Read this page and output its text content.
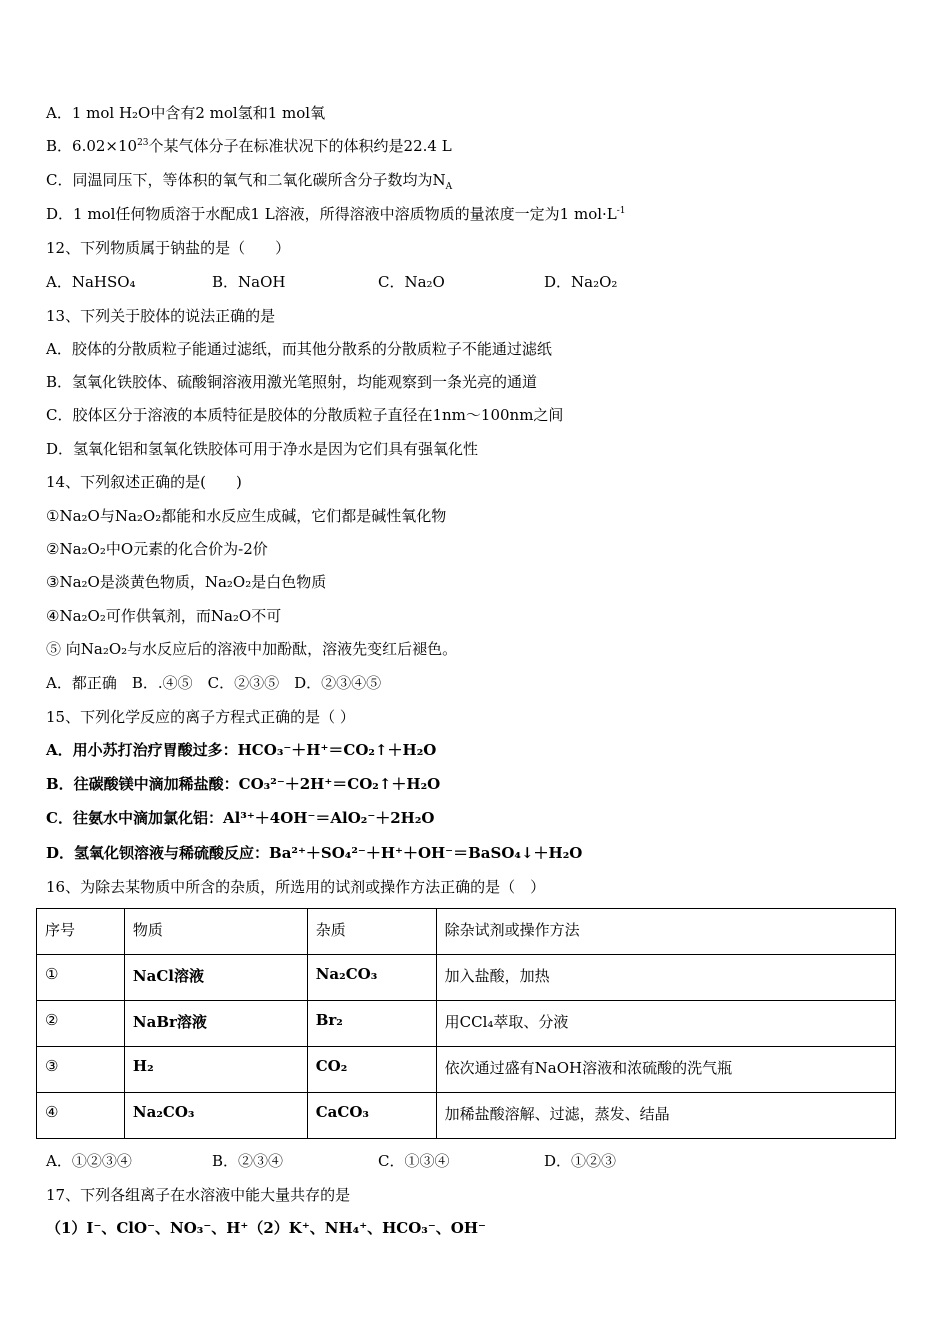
A．1 mol H₂O中含有2 mol氢和1 mol氧
B．$6.02\times 10^{23}$个某气体分子在标准状况下的体积约是22.4 L
C．同温同压下，等体积的氧气和二氧化碳所含分子数均为$N_A$
D．1 mol任何物质溶于水配成1 L溶液，所得溶液中溶质物质的量浓度一定为1 $mol\cdot L^{-1}$
12、下列物质属于钠盐的是（　　）
A．NaHSO₄	B．NaOH	C．Na₂O	D．Na₂O₂
13、下列关于胶体的说法正确的是
A．胶体的分散质粒子能通过滤纸，而其他分散系的分散质粒子不能通过滤纸
B．氢氧化铁胶体、硫酸铜溶液用激光笔照射，均能观察到一条光亮的通道
C．胶体区分于溶液的本质特征是胶体的分散质粒子直径在1nm～100nm之间
D．氢氧化铝和氢氧化铁胶体可用于净水是因为它们具有强氧化性
14、下列叙述正确的是(　　)
①Na₂O与Na₂O₂都能和水反应生成碱，它们都是碱性氧化物
②Na₂O₂中O元素的化合价为-2价
③Na₂O是淡黄色物质，Na₂O₂是白色物质
④Na₂O₂可作供氧剂，而Na₂O不可
⑤ 向Na₂O₂与水反应后的溶液中加酚酞，溶液先变红后褪色。
A．都正确　B．.④⑤　C．②③⑤　D．②③④⑤
15、下列化学反应的离子方程式正确的是（ ）
A．用小苏打治疗胃酸过多：HCO₃⁻＋H⁺＝CO₂↑＋H₂O
B．往碳酸镁中滴加稀盐酸：CO₃²⁻＋2H⁺＝CO₂↑＋H₂O
C．往氨水中滴加氯化铝：Al³⁺＋4OH⁻＝AlO₂⁻＋2H₂O
D．氢氧化钡溶液与稀硫酸反应：Ba²⁺＋SO₄²⁻＋H⁺＋OH⁻＝BaSO₄↓＋H₂O
16、为除去某物质中所含的杂质，所选用的试剂或操作方法正确的是（　）
序号	物质	杂质	除杂试剂或操作方法
①	NaCl溶液	Na₂CO₃	加入盐酸，加热
②	NaBr溶液	Br₂	用CCl₄萃取、分液
③	H₂	CO₂	依次通过盛有NaOH溶液和浓硫酸的洗气瓶
④	Na₂CO₃	CaCO₃	加稀盐酸溶解、过滤，蒸发、结晶
A．①②③④	B．②③④	C．①③④	D．①②③
17、下列各组离子在水溶液中能大量共存的是
（1）I⁻、ClO⁻、NO₃⁻、H⁺（2）K⁺、NH₄⁺、HCO₃⁻、OH⁻
